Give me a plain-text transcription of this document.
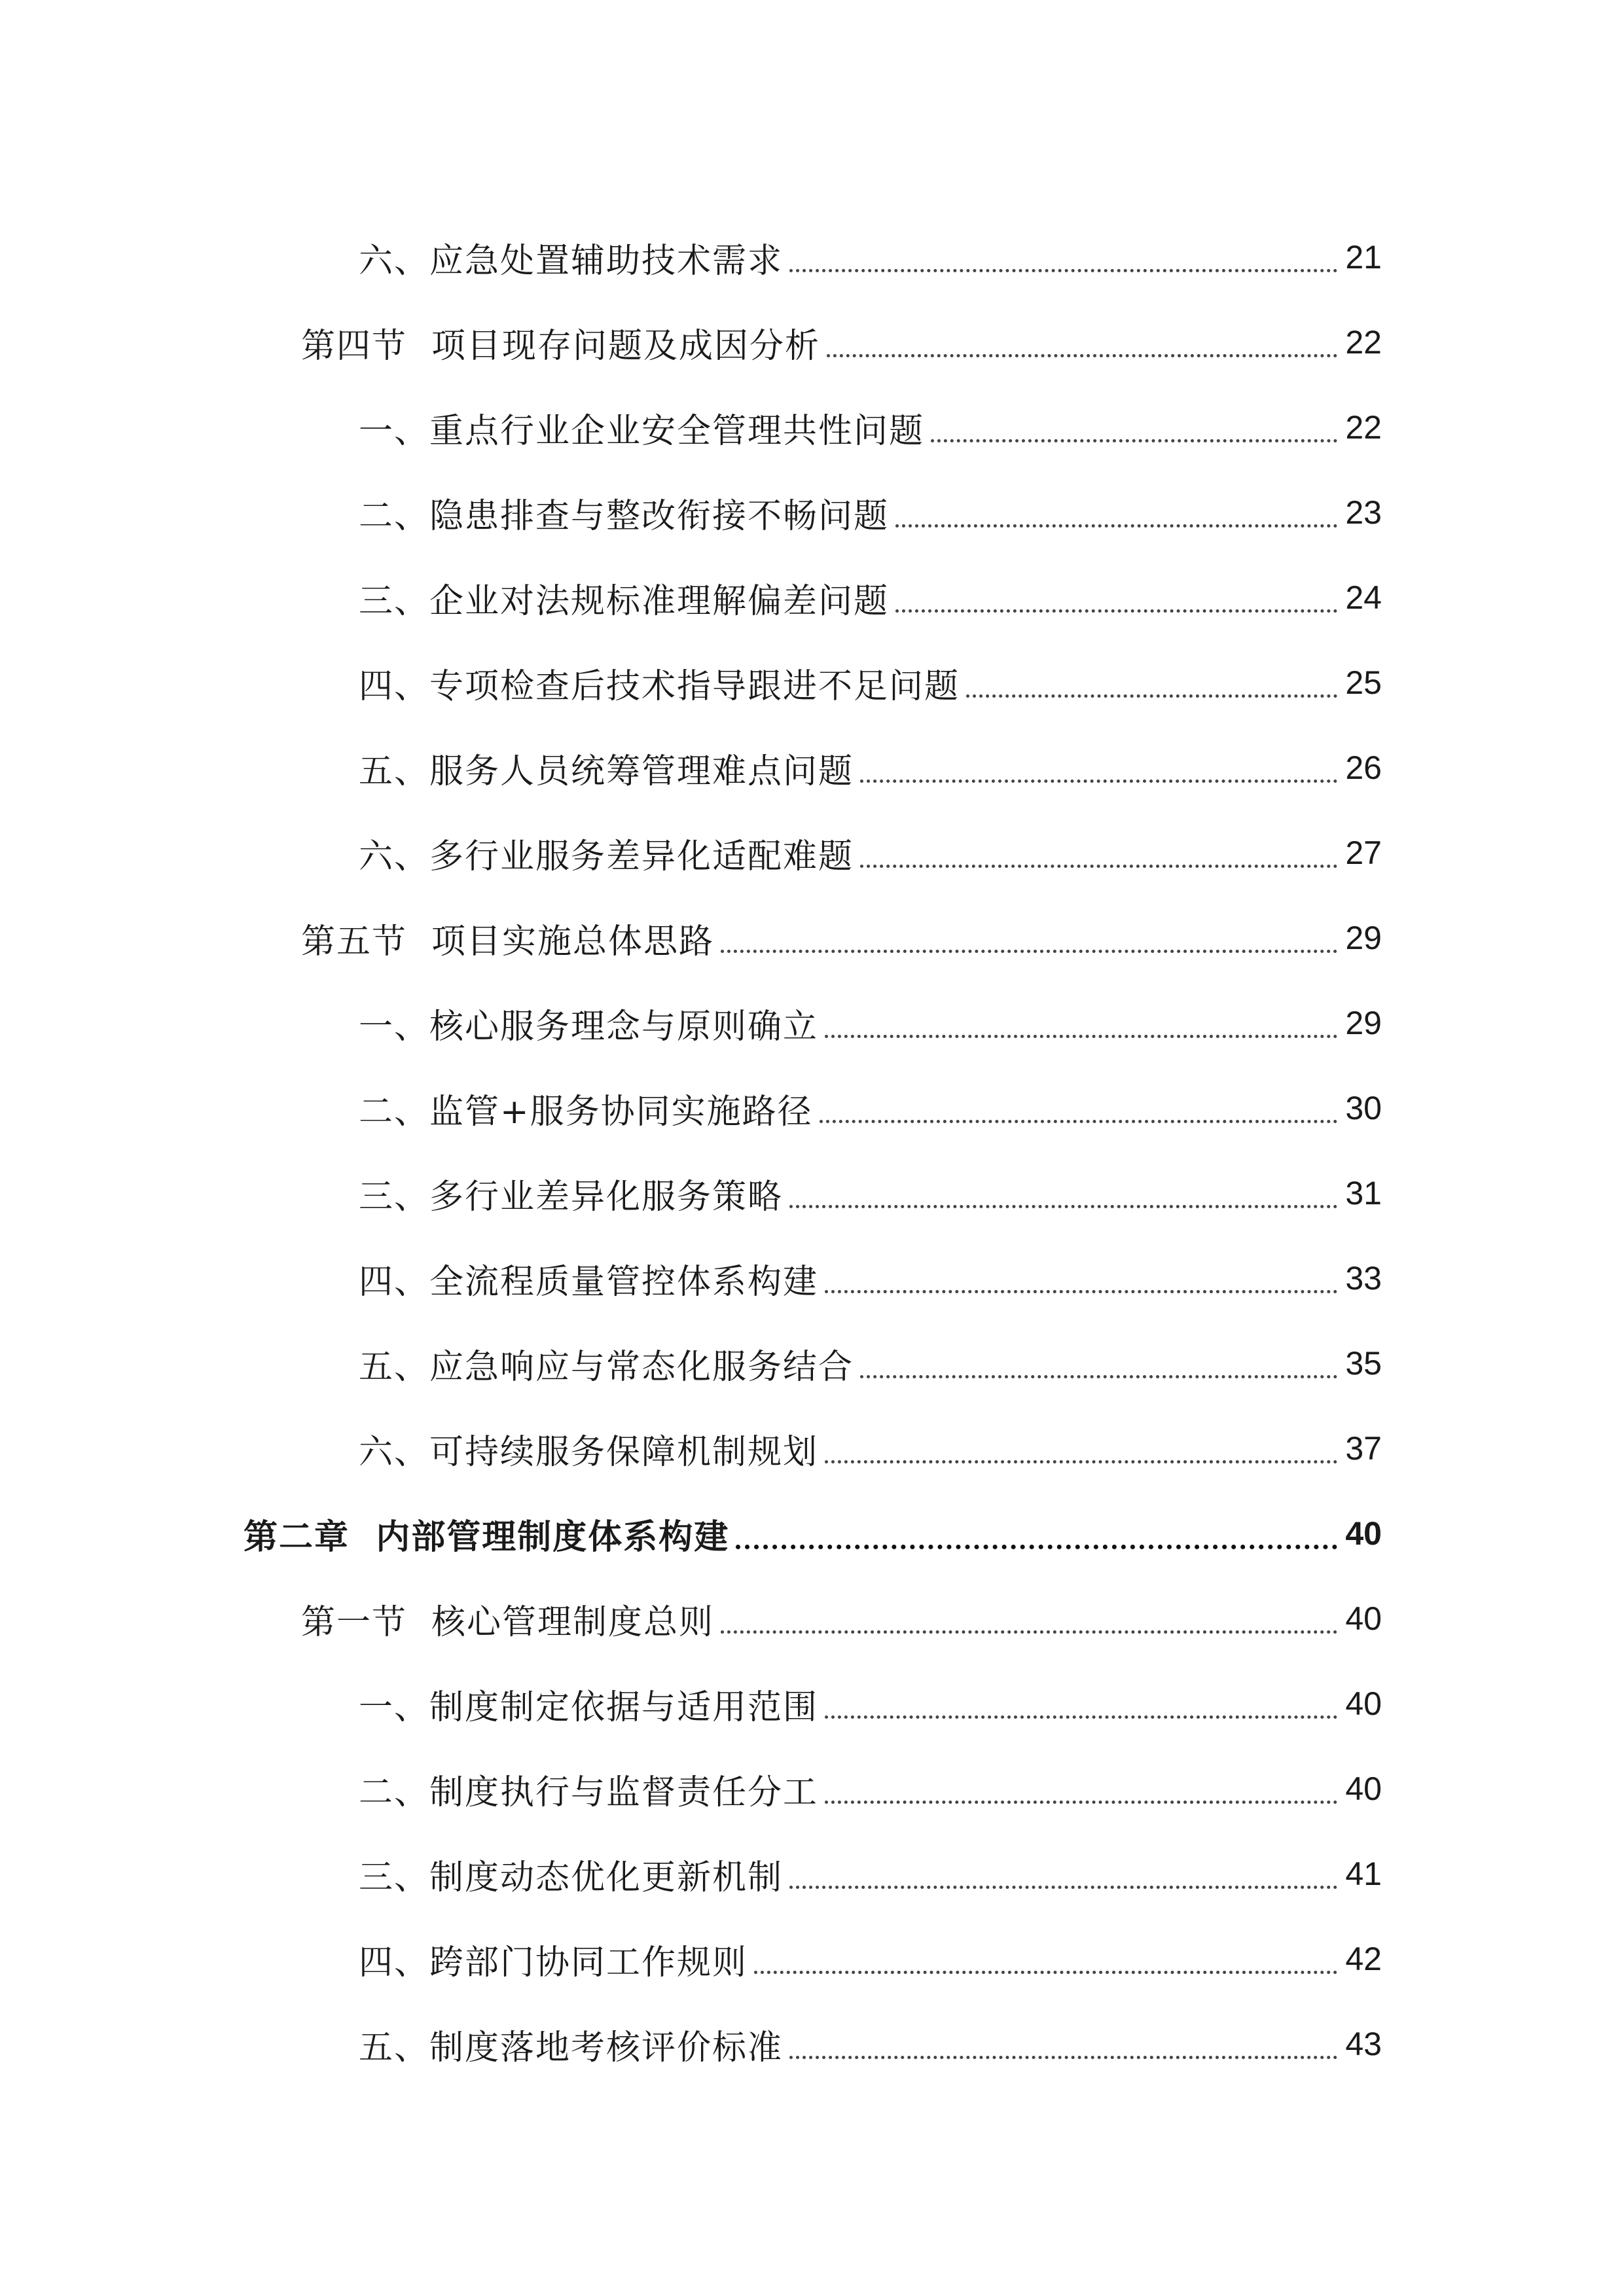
六、应急处置辅助技术需求	21
第四节  项目现存问题及成因分析	22
一、重点行业企业安全管理共性问题	22
二、隐患排查与整改衔接不畅问题	23
三、企业对法规标准理解偏差问题	24
四、专项检查后技术指导跟进不足问题	25
五、服务人员统筹管理难点问题	26
六、多行业服务差异化适配难题	27
第五节  项目实施总体思路	29
一、核心服务理念与原则确立	29
二、监管+服务协同实施路径	30
三、多行业差异化服务策略	31
四、全流程质量管控体系构建	33
五、应急响应与常态化服务结合	35
六、可持续服务保障机制规划	37
第二章  内部管理制度体系构建	40
第一节  核心管理制度总则	40
一、制度制定依据与适用范围	40
二、制度执行与监督责任分工	40
三、制度动态优化更新机制	41
四、跨部门协同工作规则	42
五、制度落地考核评价标准	43
